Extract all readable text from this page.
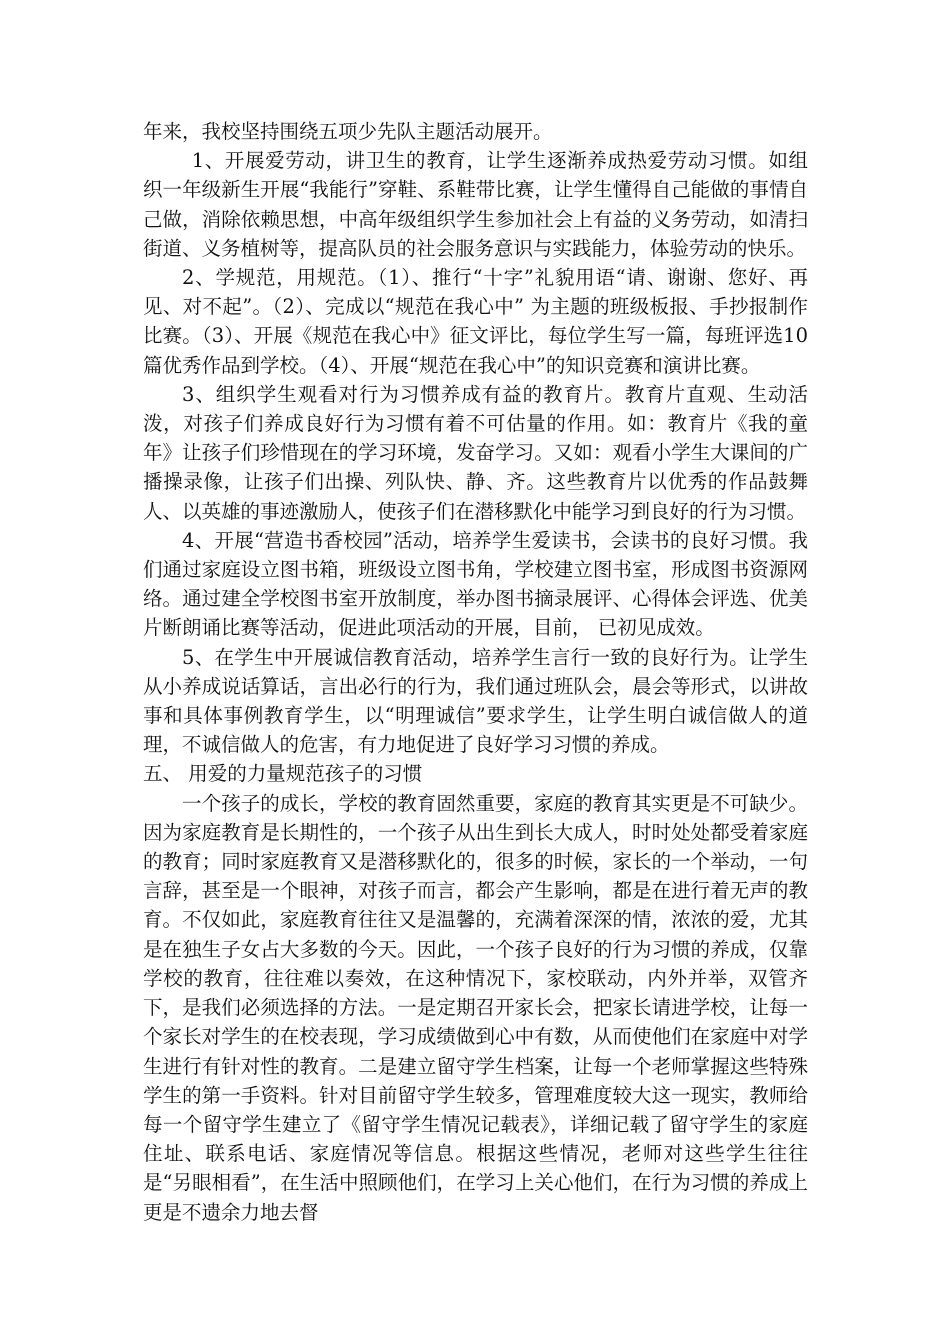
年来，我校坚持围绕五项少先队主题活动展开。

1、开展爱劳动，讲卫生的教育，让学生逐渐养成热爱劳动习惯。如组织一年级新生开展“我能行”穿鞋、系鞋带比赛，让学生懂得自己能做的事情自己做，消除依赖思想，中高年级组织学生参加社会上有益的义务劳动，如清扫街道、义务植树等，提高队员的社会服务意识与实践能力，体验劳动的快乐。

2、学规范，用规范。（1）、推行“十字”礼貌用语“请、谢谢、您好、再见、对不起”。（2）、完成以“规范在我心中” 为主题的班级板报、手抄报制作比赛。（3）、开展《规范在我心中》征文评比，每位学生写一篇，每班评选10篇优秀作品到学校。（4）、开展“规范在我心中”的知识竞赛和演讲比赛。

3、组织学生观看对行为习惯养成有益的教育片。教育片直观、生动活泼，对孩子们养成良好行为习惯有着不可估量的作用。如：教育片《我的童年》让孩子们珍惜现在的学习环境，发奋学习。又如：观看小学生大课间的广播操录像，让孩子们出操、列队快、静、齐。这些教育片以优秀的作品鼓舞人、以英雄的事迹激励人，使孩子们在潜移默化中能学习到良好的行为习惯。

4、开展“营造书香校园”活动，培养学生爱读书，会读书的良好习惯。我们通过家庭设立图书箱，班级设立图书角，学校建立图书室，形成图书资源网络。通过建全学校图书室开放制度，举办图书摘录展评、心得体会评选、优美片断朗诵比赛等活动，促进此项活动的开展，目前， 已初见成效。

5、在学生中开展诚信教育活动，培养学生言行一致的良好行为。让学生从小养成说话算话，言出必行的行为，我们通过班队会，晨会等形式，以讲故事和具体事例教育学生，以“明理诚信”要求学生，让学生明白诚信做人的道理，不诚信做人的危害，有力地促进了良好学习习惯的养成。

五、 用爱的力量规范孩子的习惯

一个孩子的成长，学校的教育固然重要，家庭的教育其实更是不可缺少。因为家庭教育是长期性的，一个孩子从出生到长大成人，时时处处都受着家庭的教育；同时家庭教育又是潜移默化的，很多的时候，家长的一个举动，一句言辞，甚至是一个眼神，对孩子而言，都会产生影响，都是在进行着无声的教育。不仅如此，家庭教育往往又是温馨的，充满着深深的情，浓浓的爱，尤其是在独生子女占大多数的今天。因此，一个孩子良好的行为习惯的养成，仅靠学校的教育，往往难以奏效，在这种情况下，家校联动，内外并举，双管齐下，是我们必须选择的方法。一是定期召开家长会，把家长请进学校，让每一个家长对学生的在校表现，学习成绩做到心中有数，从而使他们在家庭中对学生进行有针对性的教育。二是建立留守学生档案，让每一个老师掌握这些特殊学生的第一手资料。针对目前留守学生较多，管理难度较大这一现实，教师给每一个留守学生建立了《留守学生情况记载表》，详细记载了留守学生的家庭住址、联系电话、家庭情况等信息。根据这些情况，老师对这些学生往往是“另眼相看”，在生活中照顾他们，在学习上关心他们，在行为习惯的养成上更是不遗余力地去督
